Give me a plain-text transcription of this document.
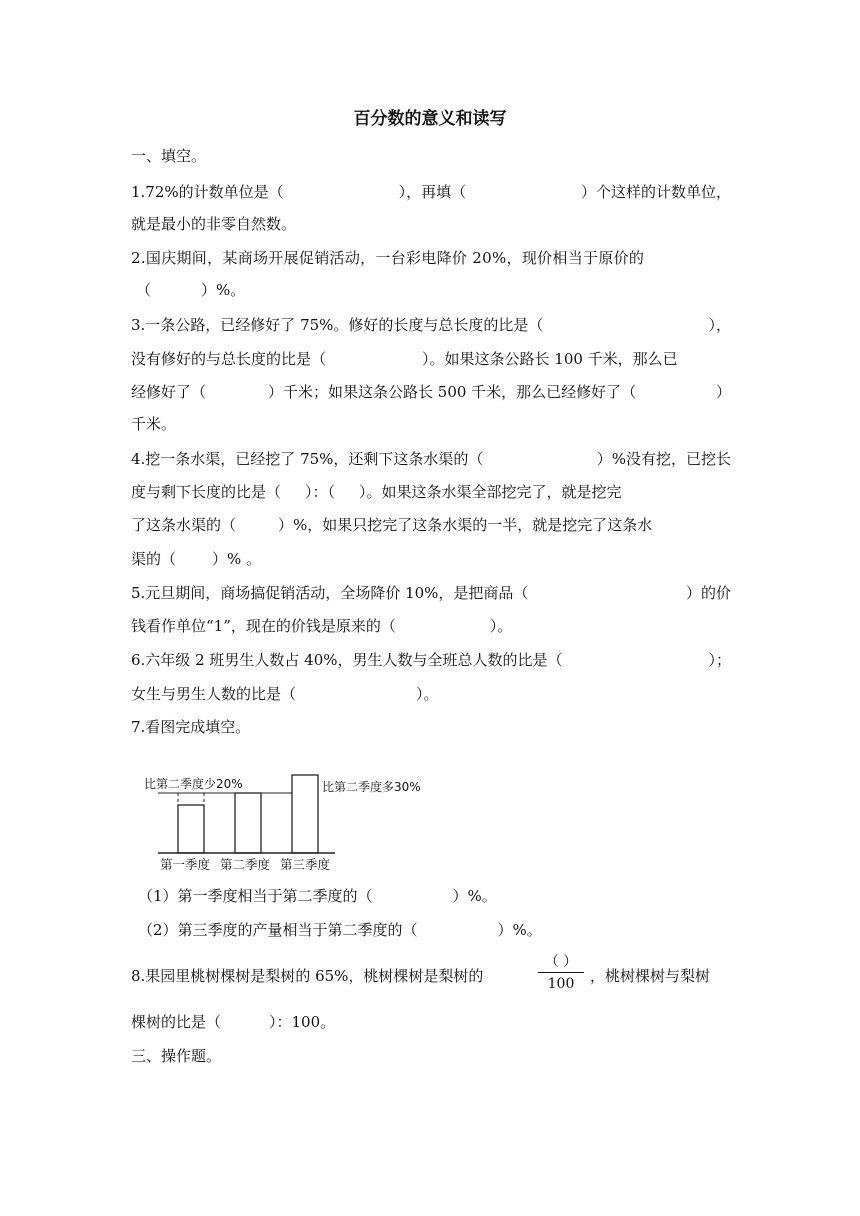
百分数的意义和读写
一、填空。
1.72%的计数单位是（	），再填（	）个这样的计数单位，
就是最小的非零自然数。
2.国庆期间，某商场开展促销活动，一台彩电降价 20%，现价相当于原价的
（	）%。
3.一条公路，已经修好了 75%。修好的长度与总长度的比是（	），
没有修好的与总长度的比是（	）。如果这条公路长 100 千米，那么已
经修好了（	）千米；如果这条公路长 500 千米，那么已经修好了（	）
千米。
4.挖一条水渠，已经挖了 75%，还剩下这条水渠的（	）%没有挖，已挖长
度与剩下长度的比是（ ）：（ ）。如果这条水渠全部挖完了，就是挖完
了这条水渠的（	）%，如果只挖完了这条水渠的一半，就是挖完了这条水
渠的（ ）% 。
5.元旦期间，商场搞促销活动，全场降价 10%，是把商品（	）的价
钱看作单位“1”，现在的价钱是原来的（	）。
6.六年级 2 班男生人数占 40%，男生人数与全班总人数的比是（	）；
女生与男生人数的比是（	）。
7.看图完成填空。
比第二季度少20%	比第二季度多30%
第一季度 第二季度 第三季度
（1）第一季度相当于第二季度的（	）%。
（2）第三季度的产量相当于第二季度的（	）%。
8.果园里桃树棵树是梨树的 65%，桃树棵树是梨树的
（ ）
100	，桃树棵树与梨树
棵树的比是（	）：100。
三、操作题。
